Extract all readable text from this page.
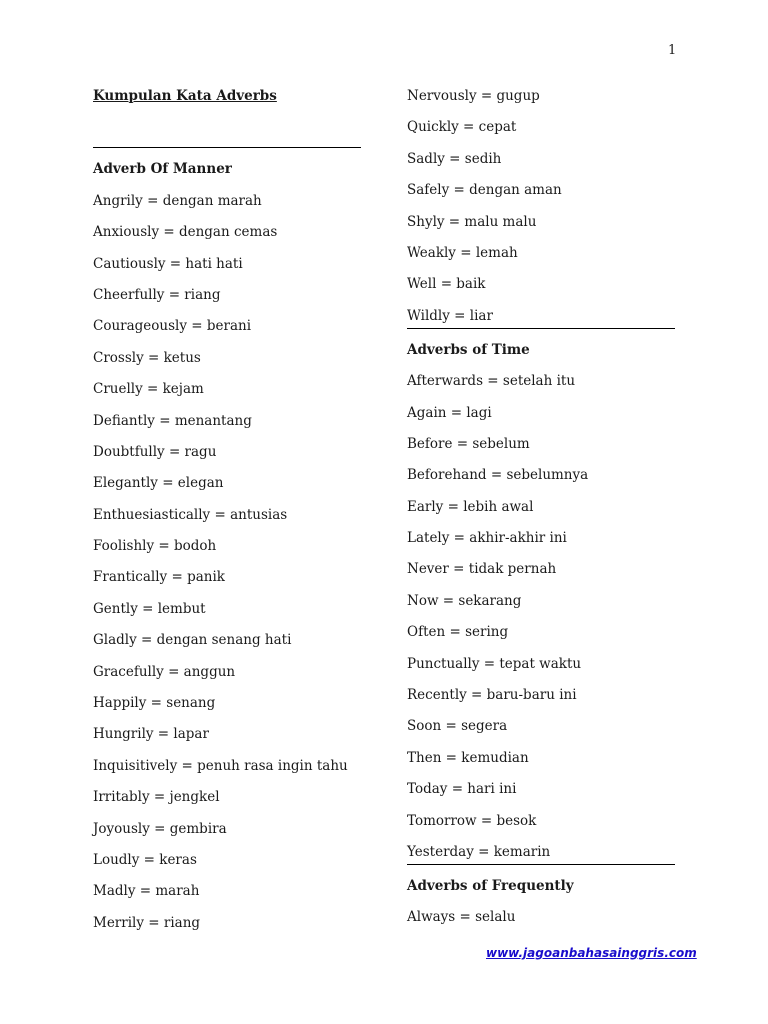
1
Kumpulan Kata Adverbs
Adverb Of Manner
Angrily = dengan marah
Anxiously = dengan cemas
Cautiously = hati hati
Cheerfully = riang
Courageously = berani
Crossly = ketus
Cruelly = kejam
Defiantly = menantang
Doubtfully = ragu
Elegantly = elegan
Enthuesiastically = antusias
Foolishly = bodoh
Frantically = panik
Gently = lembut
Gladly = dengan senang hati
Gracefully = anggun
Happily = senang
Hungrily = lapar
Inquisitively = penuh rasa ingin tahu
Irritably = jengkel
Joyously = gembira
Loudly = keras
Madly = marah
Merrily = riang
Nervously = gugup
Quickly = cepat
Sadly = sedih
Safely = dengan aman
Shyly = malu malu
Weakly = lemah
Well = baik
Wildly = liar
Adverbs of Time
Afterwards = setelah itu
Again = lagi
Before = sebelum
Beforehand = sebelumnya
Early = lebih awal
Lately = akhir-akhir ini
Never = tidak pernah
Now = sekarang
Often = sering
Punctually = tepat waktu
Recently = baru-baru ini
Soon = segera
Then = kemudian
Today = hari ini
Tomorrow = besok
Yesterday = kemarin
Adverbs of Frequently
Always = selalu
www.jagoanbahasainggris.com
